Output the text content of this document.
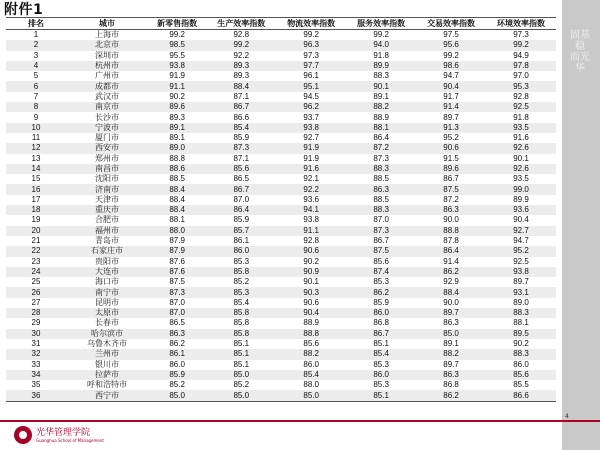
附件1
排名	城市	新零售指数	生产效率指数	物流效率指数	服务效率指数	交易效率指数	环境效率指数
1	上海市	99.2	92.8	99.2	99.2	97.5	97.3
2	北京市	98.5	99.2	96.3	94.0	95.6	99.2
3	深圳市	95.5	92.2	97.3	91.8	99.2	94.9
4	杭州市	93.8	89.3	97.7	89.9	98.6	97.8
5	广州市	91.9	89.3	96.1	88.3	94.7	97.0
6	成都市	91.1	88.4	95.1	90.1	90.4	95.3
7	武汉市	90.2	87.1	94.5	89.1	91.7	92.8
8	南京市	89.6	86.7	96.2	88.2	91.4	92.5
9	长沙市	89.3	86.6	93.7	88.9	89.7	91.8
10	宁波市	89.1	85.4	93.8	88.1	91.3	93.5
11	厦门市	89.1	85.9	92.7	86.4	95.2	91.6
12	西安市	89.0	87.3	91.9	87.2	90.6	92.6
13	郑州市	88.8	87.1	91.9	87.3	91.5	90.1
14	南昌市	88.6	85.6	91.6	88.3	89.6	92.6
15	沈阳市	88.5	86.5	92.1	88.5	86.7	93.5
16	济南市	88.4	86.7	92.2	86.3	87.5	99.0
17	天津市	88.4	87.0	93.6	88.5	87.2	89.9
18	重庆市	88.4	86.4	94.1	88.3	86.3	93.6
19	合肥市	88.1	85.9	93.8	87.0	90.0	90.4
20	福州市	88.0	85.7	91.1	87.3	88.8	92.7
21	青岛市	87.9	86.1	92.8	86.7	87.8	94.7
22	石家庄市	87.9	86.0	90.6	87.5	86.4	95.2
23	贵阳市	87.6	85.3	90.2	85.6	91.4	92.5
24	大连市	87.6	85.8	90.9	87.4	86.2	93.8
25	海口市	87.5	85.2	90.1	85.3	92.9	89.7
26	南宁市	87.3	85.3	90.3	86.2	88.4	93.1
27	昆明市	87.0	85.4	90.6	85.9	90.0	89.0
28	太原市	87.0	85.8	90.4	86.0	89.7	88.3
29	长春市	86.5	85.8	88.9	86.8	86.3	88.1
30	哈尔滨市	86.3	85.8	88.8	86.7	85.0	89.5
31	乌鲁木齐市	86.2	85.1	85.6	85.1	89.1	90.2
32	兰州市	86.1	85.1	88.2	85.4	88.2	88.3
33	银川市	86.0	85.1	86.0	85.3	89.7	86.0
34	拉萨市	85.9	85.0	85.4	86.0	86.3	85.6
35	呼和浩特市	85.2	85.2	88.0	85.3	86.8	85.5
36	西宁市	85.0	85.0	85.0	85.1	86.2	86.6
固基稳 而光华
光华管理学院
Guanghua School of Management
4
